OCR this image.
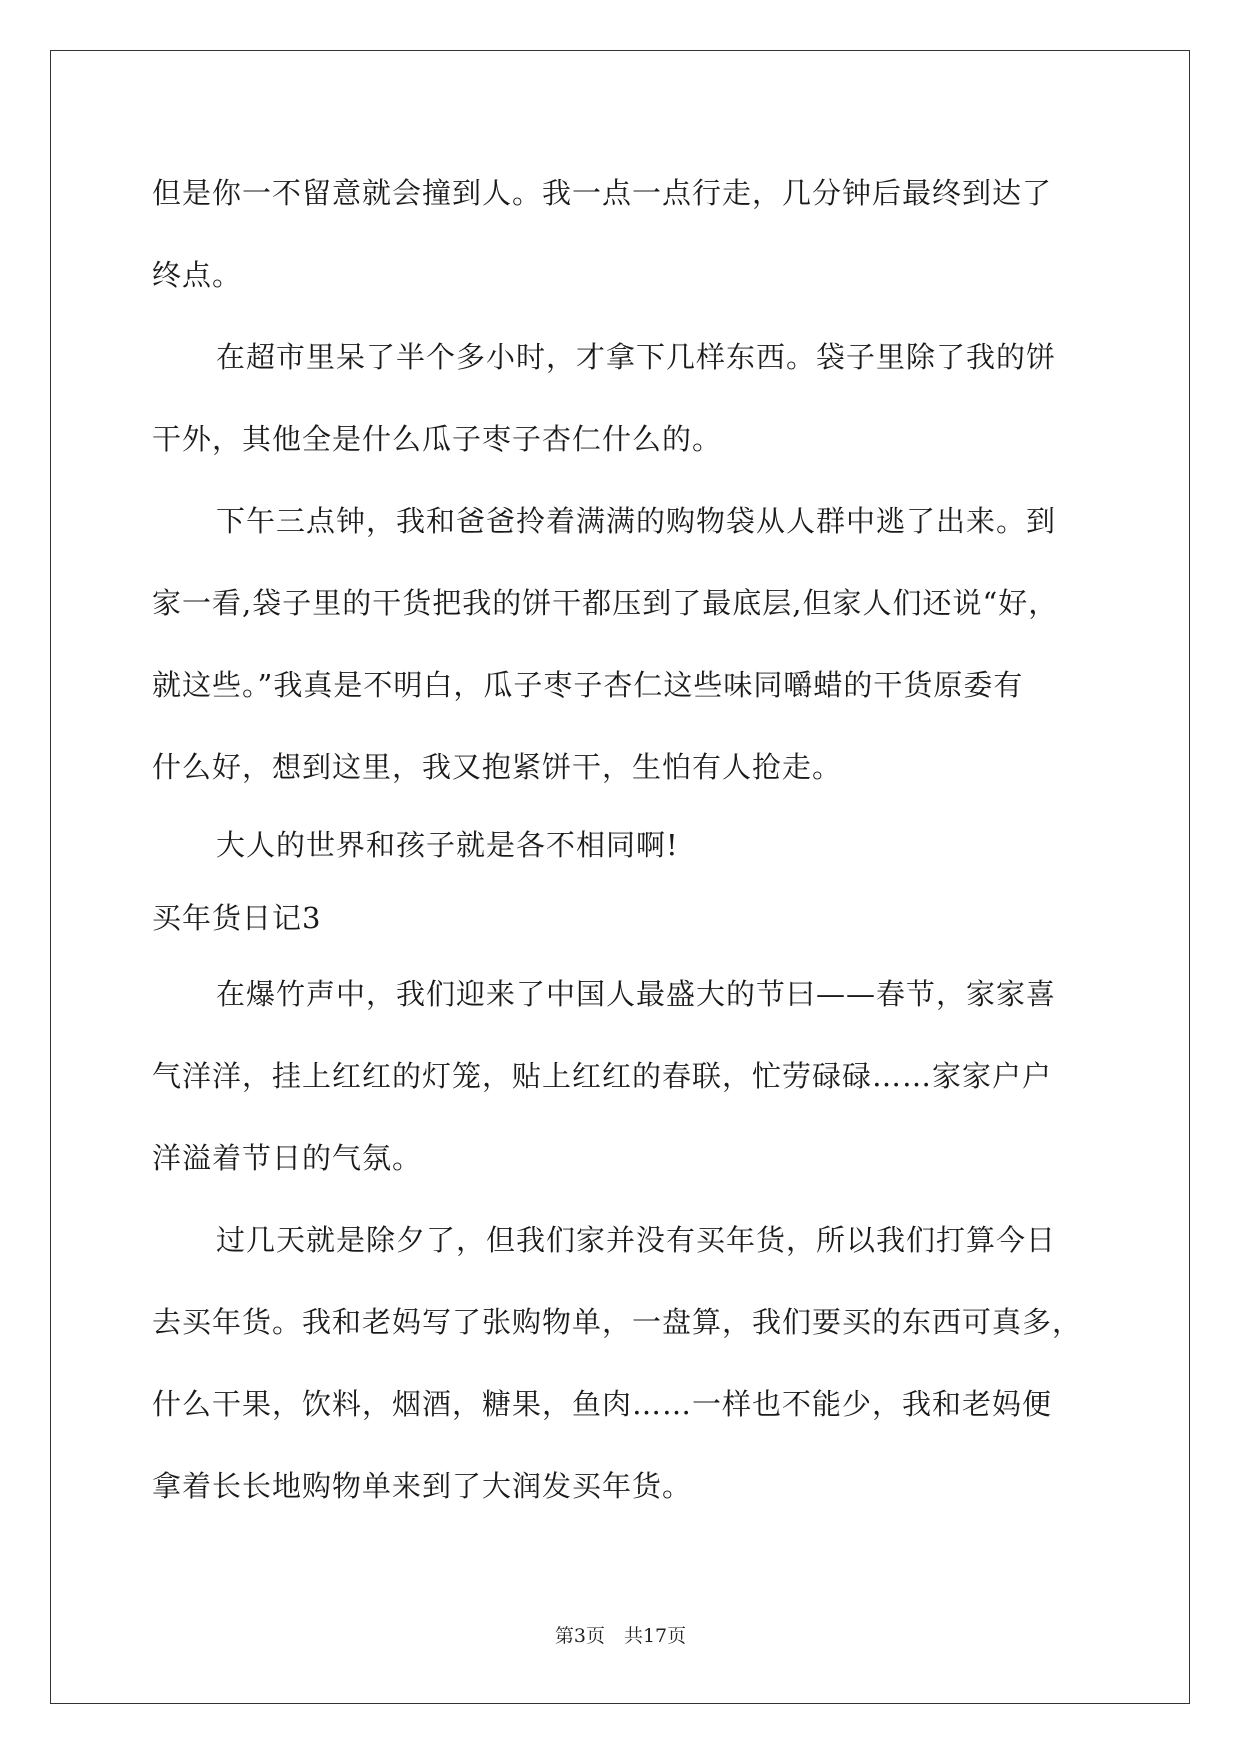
但是你一不留意就会撞到人。我一点一点行走，几分钟后最终到达了
终点。
在超市里呆了半个多小时，才拿下几样东西。袋子里除了我的饼
干外，其他全是什么瓜子枣子杏仁什么的。
下午三点钟，我和爸爸拎着满满的购物袋从人群中逃了出来。到
家一看,袋子里的干货把我的饼干都压到了最底层,但家人们还说“好，
就这些。”我真是不明白，瓜子枣子杏仁这些味同嚼蜡的干货原委有
什么好，想到这里，我又抱紧饼干，生怕有人抢走。
大人的世界和孩子就是各不相同啊!
买年货日记3
在爆竹声中，我们迎来了中国人最盛大的节曰——春节，家家喜
气洋洋，挂上红红的灯笼，贴上红红的春联，忙劳碌碌……家家户户
洋溢着节日的气氛。
过几天就是除夕了，但我们家并没有买年货，所以我们打算今日
去买年货。我和老妈写了张购物单，一盘算，我们要买的东西可真多，
什么干果，饮料，烟酒，糖果，鱼肉……一样也不能少，我和老妈便
拿着长长地购物单来到了大润发买年货。
第3页　共17页
